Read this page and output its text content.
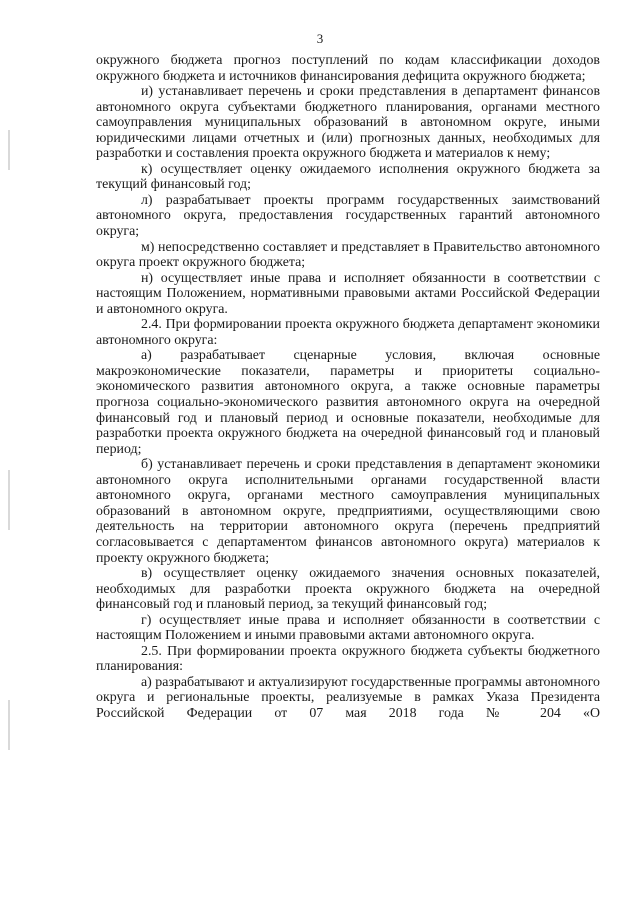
3

окружного бюджета прогноз поступлений по кодам классификации доходов окружного бюджета и источников финансирования дефицита окружного бюджета;

и) устанавливает перечень и сроки представления в департамент финансов автономного округа субъектами бюджетного планирования, органами местного самоуправления муниципальных образований в автономном округе, иными юридическими лицами отчетных и (или) прогнозных данных, необходимых для разработки и составления проекта окружного бюджета и материалов к нему;

к) осуществляет оценку ожидаемого исполнения окружного бюджета за текущий финансовый год;

л) разрабатывает проекты программ государственных заимствований автономного округа, предоставления государственных гарантий автономного округа;

м) непосредственно составляет и представляет в Правительство автономного округа проект окружного бюджета;

н) осуществляет иные права и исполняет обязанности в соответствии с настоящим Положением, нормативными правовыми актами Российской Федерации и автономного округа.

2.4. При формировании проекта окружного бюджета департамент экономики автономного округа:

а) разрабатывает сценарные условия, включая основные макроэкономические показатели, параметры и приоритеты социально-экономического развития автономного округа, а также основные параметры прогноза социально-экономического развития автономного округа на очередной финансовый год и плановый период и основные показатели, необходимые для разработки проекта окружного бюджета на очередной финансовый год и плановый период;

б) устанавливает перечень и сроки представления в департамент экономики автономного округа исполнительными органами государственной власти автономного округа, органами местного самоуправления муниципальных образований в автономном округе, предприятиями, осуществляющими свою деятельность на территории автономного округа (перечень предприятий согласовывается с департаментом финансов автономного округа) материалов к проекту окружного бюджета;

в) осуществляет оценку ожидаемого значения основных показателей, необходимых для разработки проекта окружного бюджета на очередной финансовый год и плановый период, за текущий финансовый год;

г) осуществляет иные права и исполняет обязанности в соответствии с настоящим Положением и иными правовыми актами автономного округа.

2.5. При формировании проекта окружного бюджета субъекты бюджетного планирования:

а) разрабатывают и актуализируют государственные программы автономного округа и региональные проекты, реализуемые в рамках Указа Президента Российской Федерации от 07 мая 2018 года № 204 «О
